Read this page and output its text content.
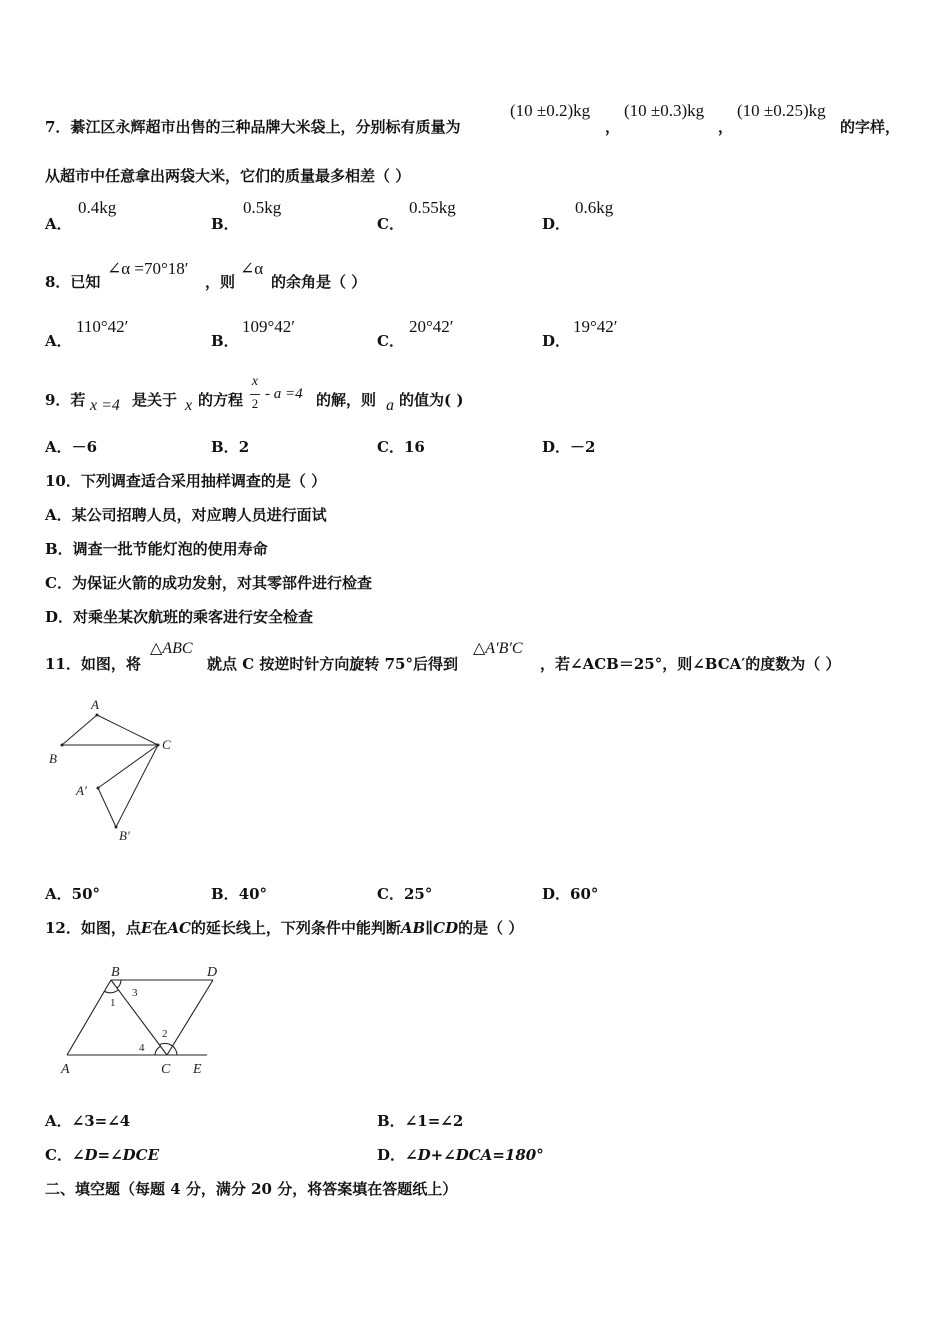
7．綦江区永辉超市出售的三种品牌大米袋上，分别标有质量为
(10 ±0.2)kg
，
(10 ±0.3)kg
，
(10 ±0.25)kg
的字样，
从超市中任意拿出两袋大米，它们的质量最多相差（ ）
A．
0.4kg
B．
0.5kg
C．
0.55kg
D．
0.6kg
8．已知
∠α =70°18′
，则
∠α
的余角是（ ）
A．
110°42′
B．
109°42′
C．
20°42′
D．
19°42′
9．若 x =4 是关于 x 的方程
x
2
- a =4 的解，则 a 的值为( )
A．－6	B．2	C．16	D．－2
10．下列调查适合采用抽样调查的是（ ）
A．某公司招聘人员，对应聘人员进行面试
B．调查一批节能灯泡的使用寿命
C．为保证火箭的成功发射，对其零部件进行检查
D．对乘坐某次航班的乘客进行安全检查
11．如图，将
△ABC
就点 C 按逆时针方向旋转 75°后得到
△A′B′C
，若∠ACB＝25°，则∠BCA′的度数为（ ）
A
B
C
A′
B′
A．50°	B．40°	C．25°	D．60°
12．如图，点E在AC的延长线上，下列条件中能判断AB∥CD的是（ ）
B	D
C
A	E
1
3
2
4
A．∠3=∠4	B．∠1=∠2
C．∠D=∠DCE	D．∠D+∠DCA=180°
二、填空题（每题 4 分，满分 20 分，将答案填在答题纸上）
